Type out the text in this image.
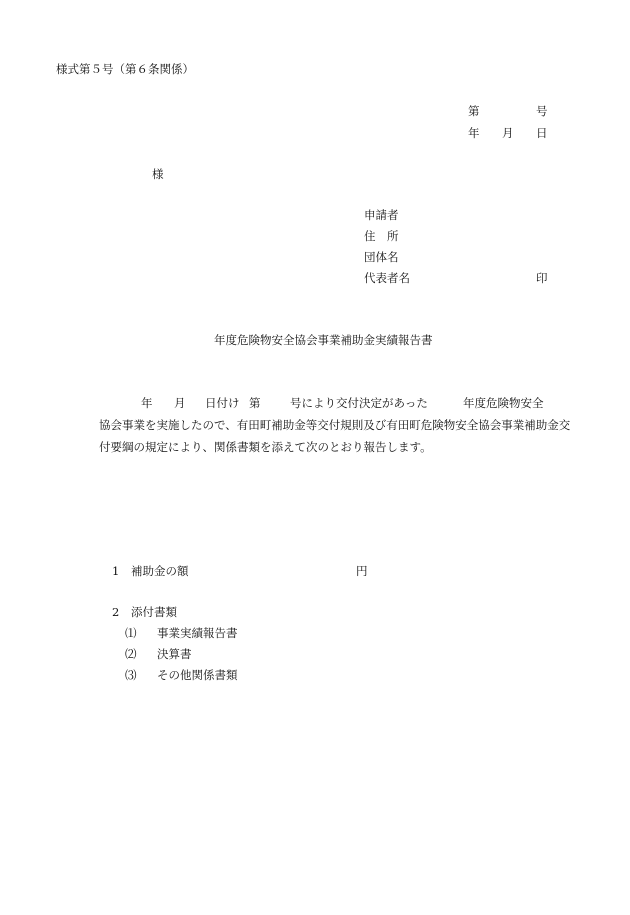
様式第５号（第６条関係）
第	号
年 月 日
様
申請者
住　所
団体名
代表者名	印
年度危険物安全協会事業補助金実績報告書
年 月 日付け 第	号により交付決定があった	年度危険物安全
協会事業を実施したので、有田町補助金等交付規則及び有田町危険物安全協会事業補助金交
付要綱の規定により、関係書類を添えて次のとおり報告します。
1 補助金の額	円
2 添付書類
⑴ 事業実績報告書
⑵ 決算書
⑶ その他関係書類
